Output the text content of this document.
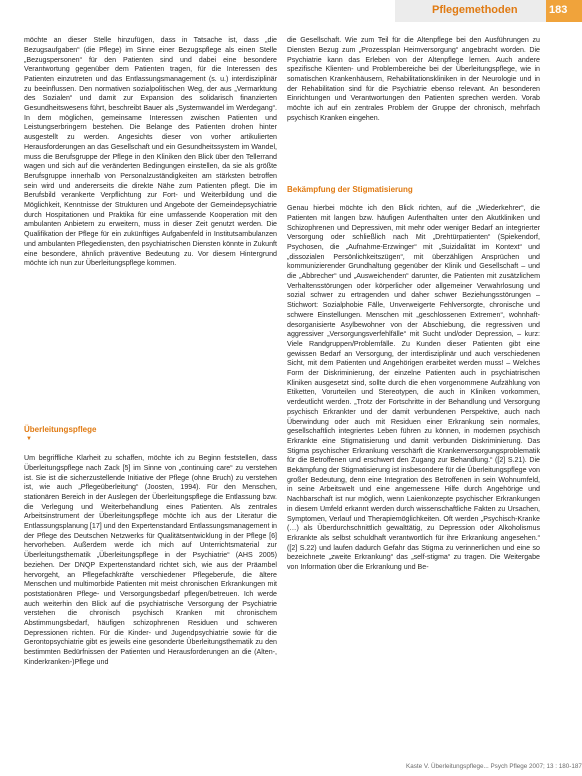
Pflegemethoden	183

möchte an dieser Stelle hinzufügen, dass in Tatsache ist, dass „die Bezugsaufgaben“ (die Pflege) im Sinne einer Bezugspflege als einen Stelle „Bezugspersonen“ für den Patienten sind und dabei eine besondere Verantwortung gegenüber dem Patienten tragen, für die Interessen des Patienten einzutreten und das Entlassungsmanagement (s. u.) interdisziplinär zu beeinflussen. Den normativen sozialpolitischen Weg, der aus „Vermarktung des Sozialen“ und damit zur Expansion des solidarisch finanzierten Gesundheitswesens führt, beschreibt Bauer als „Systemwandel im Werdegang“. In dem möglichen, gemeinsame Interessen zwischen Patienten und Leistungserbringern bestehen. Die Belange des Patienten drohen hinter ausgestellt zu werden. Angesichts dieser von vorher artikulierten Herausforderungen an das Gesellschaft und ein Gesundheitssystem im Wandel, muss die Berufsgruppe der Pflege in den Kliniken den Blick über den Tellerrand wagen und sich auf die veränderten Bedingungen einstellen, da sie als größte Berufsgruppe innerhalb von Personalzuständigkeiten am stärksten betroffen sein wird und andererseits die direkte Nähe zum Patienten pflegt. Die im Berufsbild verankerte Verpflichtung zur Fort- und Weiterbildung und die Möglichkeit, Kenntnisse der Strukturen und Angebote der Gemeindepsychiatrie durch Hospitationen und Praktika für eine umfassende Kooperation mit den ambulanten Anbietern zu erweitern, muss in dieser Zeit genutzt werden. Die Qualifikation der Pflege für ein zukünftiges Aufgabenfeld in Institutsambulanzen und ambulanten Pflegediensten, den psychiatrischen Diensten könnte in Zukunft eine besondere, ähnlich präventive Bedeutung zu. Vor diesem Hintergrund möchte ich nun zur Überleitungspflege kommen.

Überleitungspflege
▼

Um begriffliche Klarheit zu schaffen, möchte ich zu Beginn feststellen, dass Überleitungspflege nach Zack [5] im Sinne von „continuing care“ zu verstehen ist. Sie ist die sicherzustellende Initiative der Pflege (ohne Bruch) zu verstehen ist, wie auch „Pflegeüberleitung“ (Joosten, 1994). Für den Menschen, stationären Bereich in der Auslegen der Überleitungspflege die Entlassung bzw. die Verlegung und Weiterbehandlung eines Patienten. Als zentrales Arbeitsinstrument der Überleitungspflege möchte ich aus der Literatur die Entlassungsplanung [17] und den Expertenstandard Entlassungsmanagement in der Pflege des Deutschen Netzwerks für Qualitätsentwicklung in der Pflege [6] hervorheben. Außerdem werde ich mich auf Unterrichtsmaterial zur Überleitungsthematik „Überleitungspflege in der Psychiatrie“ (AHS 2005) beziehen. Der DNQP Expertenstandard richtet sich, wie aus der Präambel hervorgeht, an Pflegefachkräfte verschiedener Pflegeberufe, die ältere Menschen und multimorbide Patienten mit meist chronischen Erkrankungen mit poststationären Pflege- und Versorgungsbedarf pflegen/betreuen. Ich werde auch weiterhin den Blick auf die psychiatrische Versorgung der Psychiatrie verstehen die chronisch psychisch Kranken mit chronischem Abstimmungsbedarf, häufigen schizophrenen Residuen und schweren Depressionen richten. Für die Kinder- und Jugendpsychiatrie sowie für die Gerontopsychiatrie gibt es jeweils eine gesonderte Überleitungsthematik zu den bestimmten Bedürfnissen der Patienten und Herausforderungen an die (Alten-, Kinderkranken-)Pflege und

die Gesellschaft. Wie zum Teil für die Altenpflege bei den Ausführungen zu Diensten Bezug zum „Prozessplan Heimversorgung“ angebracht worden. Die Psychiatrie kann das Erleben von der Altenpflege lernen. Auch andere spezifische Klienten- und Problembereiche bei der Überleitungspflege, wie in somatischen Krankenhäusern, Rehabilitationskliniken in der Neurologie und in der Rehabilitation sind für die Psychiatrie ebenso relevant. An besonderen Einrichtungen und Verantwortungen den Patienten sprechen werden. Vorab möchte ich auf ein zentrales Problem der Gruppe der chronisch, mehrfach psychisch Kranken eingehen.

Bekämpfung der Stigmatisierung

Genau hierbei möchte ich den Blick richten, auf die „Wiederkehrer“, die Patienten mit langen bzw. häufigen Aufenthalten unter den Akutkliniken und Schizophrenen und Depressiven, mit mehr oder weniger Bedarf an integrierter Versorgung oder schließlich nach Mit „Drehtürpatienten“ (Spiekendorf, Psychosen, die „Aufnahme-Erzwinger“ mit „Suizidalität im Kontext“ und „dissozialen Persönlichkeitszügen“, mit überzähligen Ansprüchen und kommunizierender Grundhaltung gegenüber der Klinik und Gesellschaft – und die „Abbrecher“ und „Ausweichenden“ darunter, die Patienten mit zusätzlichem Verhaltensstörungen oder körperlicher oder allgemeiner Verwahrlosung und sozial schwer zu ertragenden und daher schwer Beziehungsstörungen – Stichwort: Sozialphobie Fälle, Unverweigerte Fehlversorgte, chronische und schwere Einstellungen. Menschen mit „geschlossenen Extremen“, wohnhaft-desorganisierte Asylbewohner von der Abschiebung, die regressiven und aggressiver „Versorgungsverfehlfälle“ mit Sucht und/oder Depression, – kurz: Viele Randgruppen/Problemfälle. Zu Kunden dieser Patienten gibt eine gewissen Bedarf an Versorgung, der interdisziplinär und auch verschiedenen Sicht, mit dem Patienten und Angehörigen erarbeitet werden muss! – Welches Form der Diskriminierung, der einzelne Patienten auch in psychiatrischen Kliniken ausgesetzt sind, sollte durch die ehen vorgenommene Aufzählung von Etiketten, Vorurteilen und Stereotypen, die auch in Kliniken vorkommen, verdeutlicht werden. „Trotz der Fortschritte in der Behandlung und Versorgung psychisch Erkrankter und der damit verbundenen Perspektive, auch nach Überwindung oder auch mit Residuen einer Erkrankung sein normales, gesellschaftlich integriertes Leben führen zu können, in modernen psychisch Erkrankte eine Stigmatisierung und damit verbunden Diskriminierung. Das Stigma psychischer Erkrankung verschärft die Krankenversorgungsproblematik für die Betroffenen und erschwert den Zugang zur Behandlung.“ ([2] S.21). Die Bekämpfung der Stigmatisierung ist insbesondere für die Überleitungspflege von großer Bedeutung, denn eine Integration des Betroffenen in sein Wohnumfeld, in seine Arbeitswelt und eine angemessene Hilfe durch Angehörige und Nachbarschaft ist nur möglich, wenn Laienkonzepte psychischer Erkrankungen in diesem Umfeld erkannt werden durch wissenschaftliche Fakten zu Ursachen, Symptomen, Verlauf und Therapiemöglichkeiten. Oft werden „Psychisch-Kranke (…) als Überdurchschnittlich gewalttätig, zu Depression oder Alkoholismus Erkrankte als selbst schuldhaft verantwortlich für ihre Erkrankung angesehen.“ ([2] S.22) und laufen dadurch Gefahr das Stigma zu verinnerlichen und eine so bezeichnete „zweite Erkrankung“ das „self-stigma“ zu tragen. Die Weitergabe von Information über die Erkrankung und Be-

Kaste V. Überleitungspflege... Psych Pflege 2007; 13 : 180-187
